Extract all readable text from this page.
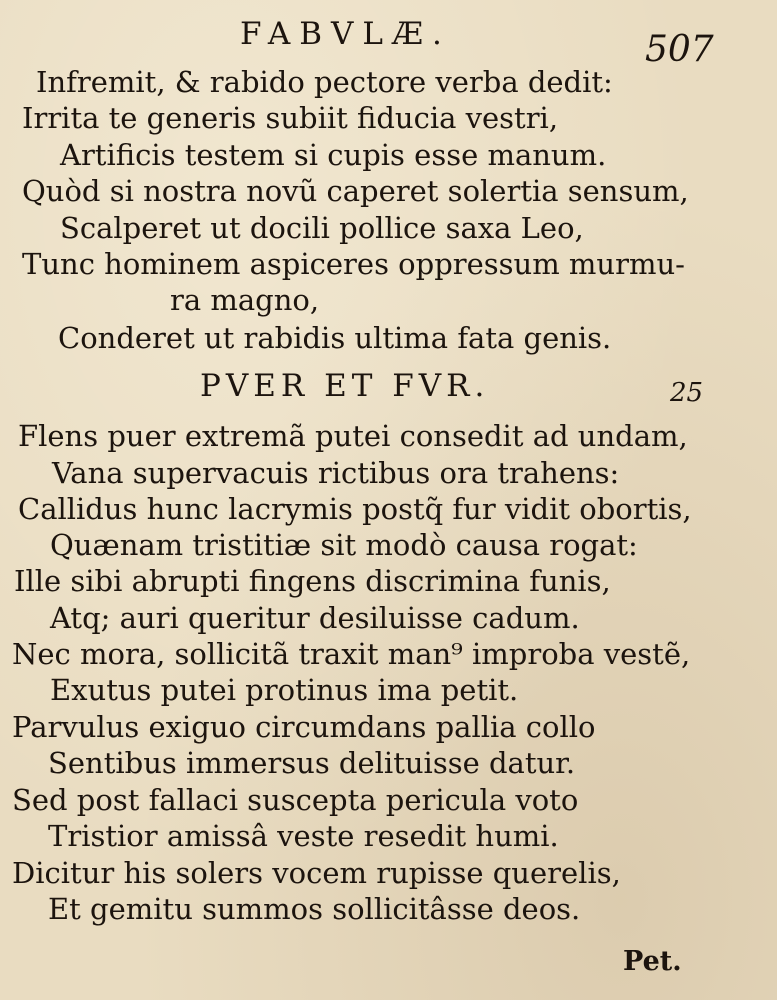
FABVLÆ.	507
Infremit, & rabido pectore verba dedit:
Irrita te generis subiit fiducia vestri,
Artificis testem si cupis esse manum.
Quòd si nostra novũ caperet solertia sensum,
Scalperet ut docili pollice saxa Leo,
Tunc hominem aspiceres oppressum murmu-
ra magno,
Conderet ut rabidis ultima fata genis.
PVER ET FVR.	25
Flens puer extremã putei consedit ad undam,
Vana supervacuis rictibus ora trahens:
Callidus hunc lacrymis postq̃ fur vidit obortis,
Quænam tristitiæ sit modò causa rogat:
Ille sibi abrupti fingens discrimina funis,
Atq; auri queritur desiluisse cadum.
Nec mora, sollicitã traxit man⁹ improba vestẽ,
Exutus putei protinus ima petit.
Parvulus exiguo circumdans pallia collo
Sentibus immersus delituisse datur.
Sed post fallaci suscepta pericula voto
Tristior amissâ veste resedit humi.
Dicitur his solers vocem rupisse querelis,
Et gemitu summos sollicitâsse deos.
Pet.
